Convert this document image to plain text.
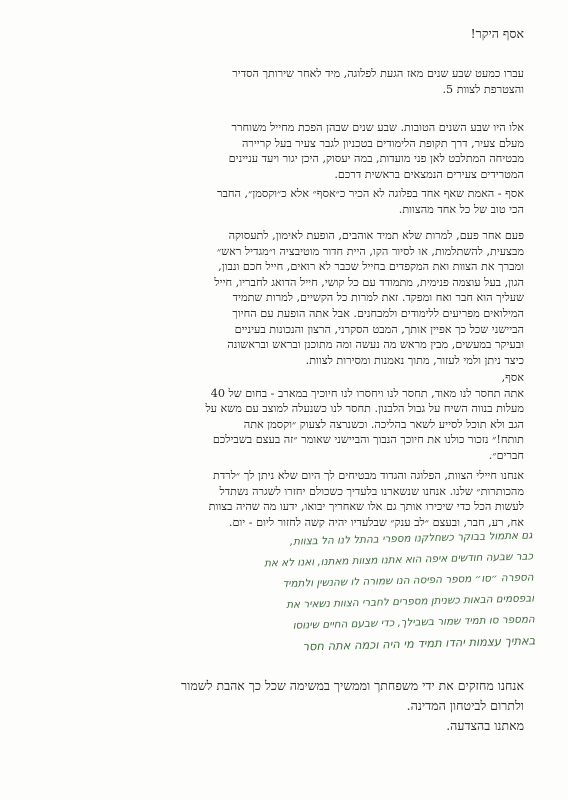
אסף היקר!
עברו כמעט שבע שנים מאז הגעת לפלוגה, מיד לאחר שירותך הסדיר
והצטרפת לצוות 5.
אלו היו שבע השנים הטובות. שבע שנים שבהן הפכת מחייל משוחרר
מעלם צעיר, דרך תקופת הלימודים בטכניון לגבר צעיר בעל קריירה
מבטיחה המתלבט לאן פני מועדות, במה יעסוק, היכן יגור ויעד עניינים
המטרידים צעירים הנמצאים בראשית דרכם.
אסף - האמת שאף אחד בפלוגה לא הכיר כ״אסף״ אלא כ״וקסמן״, החבר
הכי טוב של כל אחד מהצוות.
פעם אחר פעם, למרות שלא תמיד אוהבים, הופעת לאימון, לתעסוקה
מבצעית, להשתלמות, או לסיור הקו, היית חדור מוטיבציה ו״מגדיל ראש״
ומברך את הצוות ואת המקפדים בחייל שכבר לא רואים, חייל חכם ונבון,
הגון, בעל עוצמה פנימית, מתמודד עם כל קושי, חייל הדואג לחבריו, חייל
שעליך הוא חבר ואח ומפקד. זאת למרות כל הקשיים, למרות שתמיד
המילואים מפריעים ללימודים ולמבחנים. אבל אתה הופעת עם החיוך
הביישני שכל כך אפיין אותך, המבט הסקרני, הרצון והנכונות בעיניים
ובעיקר במעשים, מבין מראש מה נעשה ומה מתוכנן ובראש ובראשונה
כיצד ניתן ולמי לעזור, מתוך נאמנות ומסירות לצוות.
אסף,
אתה תחסר לנו מאוד, תחסר לנו ויחסרו לנו חיוכיך במארב - בחום של 40
מעלות בנווה השיח על גבול הלבנון. תחסר לנו כשנעלה למוצב עם משא על
הגב ולא תוכל לסייע לשאר בהליכה. וכשנרצה לצעוק ״וקסמן אתה
תותח!״ נזכור כולנו את חיוכך הנבוך והביישני שאומר ״זה בעצם בשבילכם
חברים״.
אנחנו חיילי הצוות, הפלוגה והגדוד מבטיחים לך היום שלא ניתן לך ״לרדת
מהכותרות״ שלנו. אנחנו שנשארנו בלעדיך כשכולם יחזרו לשגרה נשתדל
לעשות הכל כדי שיכירו אותך גם אלו שאחריך יבואו, ידעו מה שהיה בצוות
אח, רע, חבר, ובעצם ״לב ענק״ שבלעדיו יהיה קשה לחזור ליום - יום.
גם אתמול בבוקר כשחלקנו מספרי בהתל לנו הל בצוות,
כבר שבעה חודשים איפה הוא אתנו מצוות מאתנו, ואנו לא את
הספרה ״סו״ מספר הפיסה הנו שמורה לו שהנשין ולתמיד
ובפסמים הבאות כשניתן מספרים לחברי הצוות נשאיר את
המספר סו תמיד שמור בשבילך, כדי שבעם החיים שינוסו
באתיך עצמות יהדו תמיד מי היה וכמה אתה חסר
אנחנו מחזקים את ידי משפחתך וממשיך במשימה שכל כך אהבת לשמור
ולתרום לביטחון המדינה.
מאתנו בהצדעה.
